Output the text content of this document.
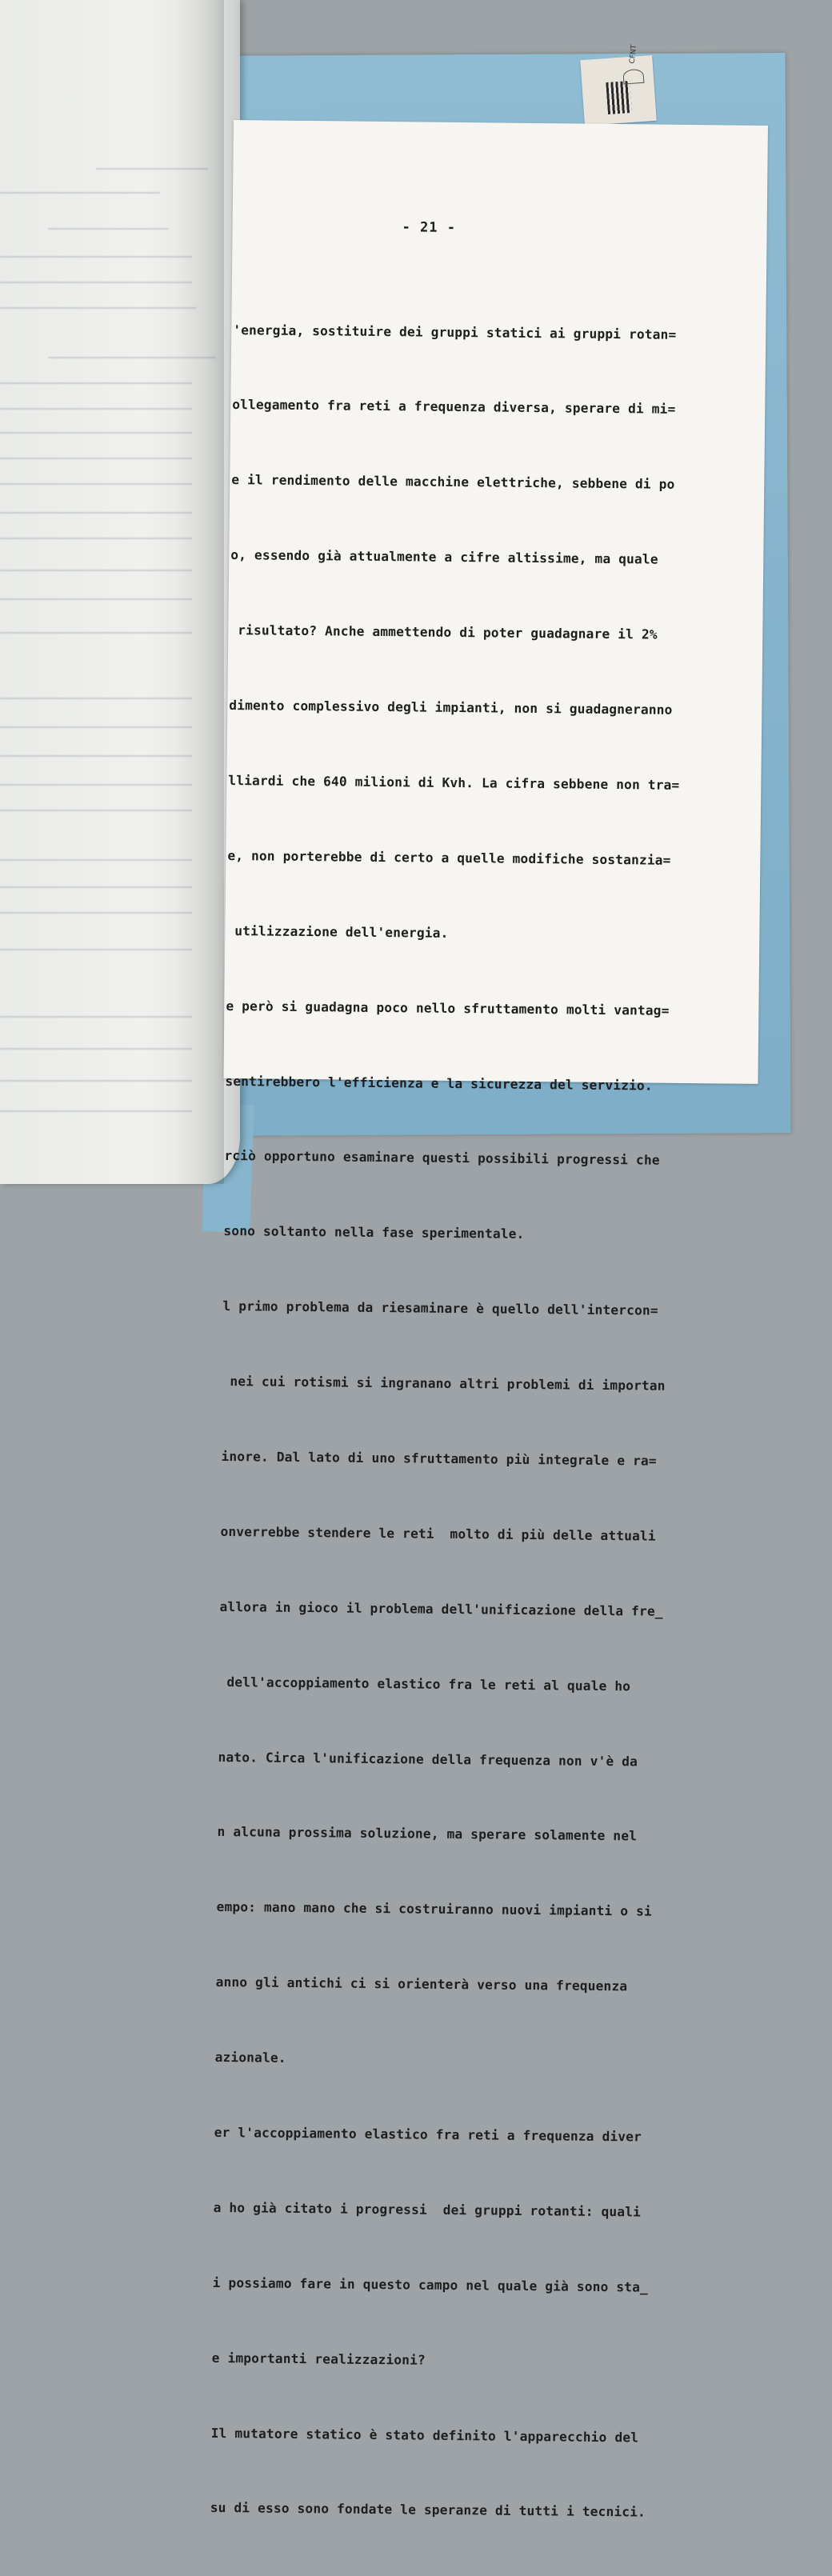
CFNT
- 21 -

'energia, sostituire dei gruppi statici ai gruppi rotan=

ollegamento fra reti a frequenza diversa, sperare di mi=

e il rendimento delle macchine elettriche, sebbene di po

o, essendo già attualmente a cifre altissime, ma quale

risultato? Anche ammettendo di poter guadagnare il 2%

dimento complessivo degli impianti, non si guadagneranno

lliardi che 640 milioni di Kvh. La cifra sebbene non tra=

e, non porterebbe di certo a quelle modifiche sostanzia=

utilizzazione dell'energia.

e però si guadagna poco nello sfruttamento molti vantag=

sentirebbero l'efficienza e la sicurezza del servizio.

rciò opportuno esaminare questi possibili progressi che

sono soltanto nella fase sperimentale.

l primo problema da riesaminare è quello dell'intercon=

nei cui rotismi si ingranano altri problemi di importan

inore. Dal lato di uno sfruttamento più integrale e ra=

onverrebbe stendere le reti  molto di più delle attuali

allora in gioco il problema dell'unificazione della fre_

dell'accoppiamento elastico fra le reti al quale ho

nato. Circa l'unificazione della frequenza non v'è da

n alcuna prossima soluzione, ma sperare solamente nel

empo: mano mano che si costruiranno nuovi impianti o si

anno gli antichi ci si orienterà verso una frequenza

azionale.

er l'accoppiamento elastico fra reti a frequenza diver

a ho già citato i progressi  dei gruppi rotanti: quali

i possiamo fare in questo campo nel quale già sono sta_

e importanti realizzazioni?

Il mutatore statico è stato definito l'apparecchio del

su di esso sono fondate le speranze di tutti i tecnici.
